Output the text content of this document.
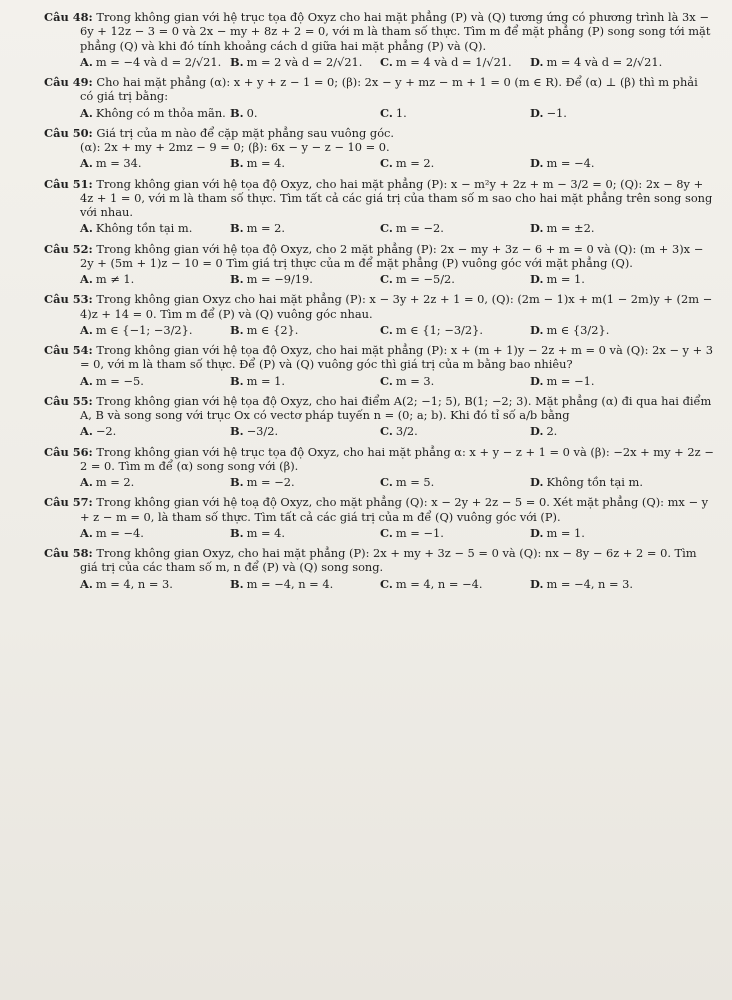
Câu 48: Trong không gian với hệ trục tọa độ Oxyz cho hai mặt phẳng (P) và (Q) tương ứng có phương trình là 3x − 6y + 12z − 3 = 0 và 2x − my + 8z + 2 = 0, với m là tham số thực. Tìm m để mặt phẳng (P) song song tới mặt phẳng (Q) và khi đó tính khoảng cách d giữa hai mặt phẳng (P) và (Q).
A. m = −4 và d = 2/√21. B. m = 2 và d = 2/√21.	C. m = 4 và d = 1/√21.	D. m = 4 và d = 2/√21.
Câu 49: Cho hai mặt phẳng (α): x + y + z − 1 = 0; (β): 2x − y + mz − m + 1 = 0 (m ∈ R). Để (α) ⊥ (β) thì m phải có giá trị bằng:
A. Không có m thỏa mãn. B. 0.	C. 1.	D. −1.
Câu 50: Giá trị của m nào để cặp mặt phẳng sau vuông góc.
(α): 2x + my + 2mz − 9 = 0; (β): 6x − y − z − 10 = 0.
A. m = 34.	B. m = 4.	C. m = 2.	D. m = −4.
Câu 51: Trong không gian với hệ tọa độ Oxyz, cho hai mặt phẳng (P): x − m²y + 2z + m − 3/2 = 0; (Q): 2x − 8y + 4z + 1 = 0, với m là tham số thực. Tìm tất cả các giá trị của tham số m sao cho hai mặt phẳng trên song song với nhau.
A. Không tồn tại m.	B. m = 2.	C. m = −2.	D. m = ±2.
Câu 52: Trong không gian với hệ tọa độ Oxyz, cho 2 mặt phẳng (P): 2x − my + 3z − 6 + m = 0 và (Q): (m + 3)x − 2y + (5m + 1)z − 10 = 0 Tìm giá trị thực của m để mặt phẳng (P) vuông góc với mặt phẳng (Q).
A. m ≠ 1.	B. m = −9/19.	C. m = −5/2.	D. m = 1.
Câu 53: Trong không gian Oxyz cho hai mặt phẳng (P): x − 3y + 2z + 1 = 0, (Q): (2m − 1)x + m(1 − 2m)y + (2m − 4)z + 14 = 0. Tìm m để (P) và (Q) vuông góc nhau.
A. m ∈ {−1; −3/2}.	B. m ∈ {2}.	C. m ∈ {1; −3/2}.	D. m ∈ {3/2}.
Câu 54: Trong không gian với hệ tọa độ Oxyz, cho hai mặt phẳng (P): x + (m + 1)y − 2z + m = 0 và (Q): 2x − y + 3 = 0, với m là tham số thực. Để (P) và (Q) vuông góc thì giá trị của m bằng bao nhiêu?
A. m = −5.	B. m = 1.	C. m = 3.	D. m = −1.
Câu 55: Trong không gian với hệ tọa độ Oxyz, cho hai điểm A(2; −1; 5), B(1; −2; 3). Mặt phẳng (α) đi qua hai điểm A, B và song song với trục Ox có vectơ pháp tuyến n = (0; a; b). Khi đó tỉ số a/b bằng
A. −2.	B. −3/2.	C. 3/2.	D. 2.
Câu 56: Trong không gian với hệ trục tọa độ Oxyz, cho hai mặt phẳng α: x + y − z + 1 = 0 và (β): −2x + my + 2z − 2 = 0. Tìm m để (α) song song với (β).
A. m = 2.	B. m = −2.	C. m = 5.	D. Không tồn tại m.
Câu 57: Trong không gian với hệ toạ độ Oxyz, cho mặt phẳng (Q): x − 2y + 2z − 5 = 0. Xét mặt phẳng (Q): mx − y + z − m = 0, là tham số thực. Tìm tất cả các giá trị của m để (Q) vuông góc với (P).
A. m = −4.	B. m = 4.	C. m = −1.	D. m = 1.
Câu 58: Trong không gian Oxyz, cho hai mặt phẳng (P): 2x + my + 3z − 5 = 0 và (Q): nx − 8y − 6z + 2 = 0. Tìm giá trị của các tham số m, n để (P) và (Q) song song.
A. m = 4, n = 3.	B. m = −4, n = 4.	C. m = 4, n = −4.	D. m = −4, n = 3.
